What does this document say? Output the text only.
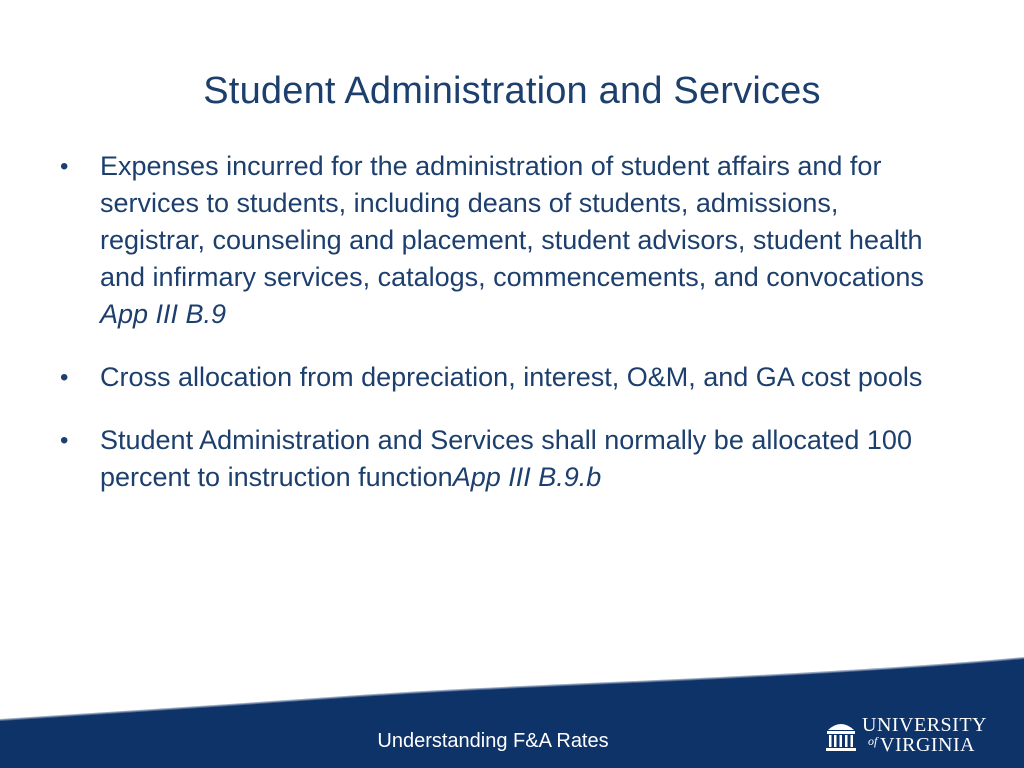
Student Administration and Services
• Expenses incurred for the administration of student affairs and for services to students, including deans of students, admissions, registrar, counseling and placement, student advisors, student health and infirmary services, catalogs, commencements, and convocations App III B.9
• Cross allocation from depreciation, interest, O&M, and GA cost pools
• Student Administration and Services shall normally be allocated 100 percent to instruction functionApp III B.9.b
Understanding F&A Rates
UNIVERSITY
of VIRGINIA
